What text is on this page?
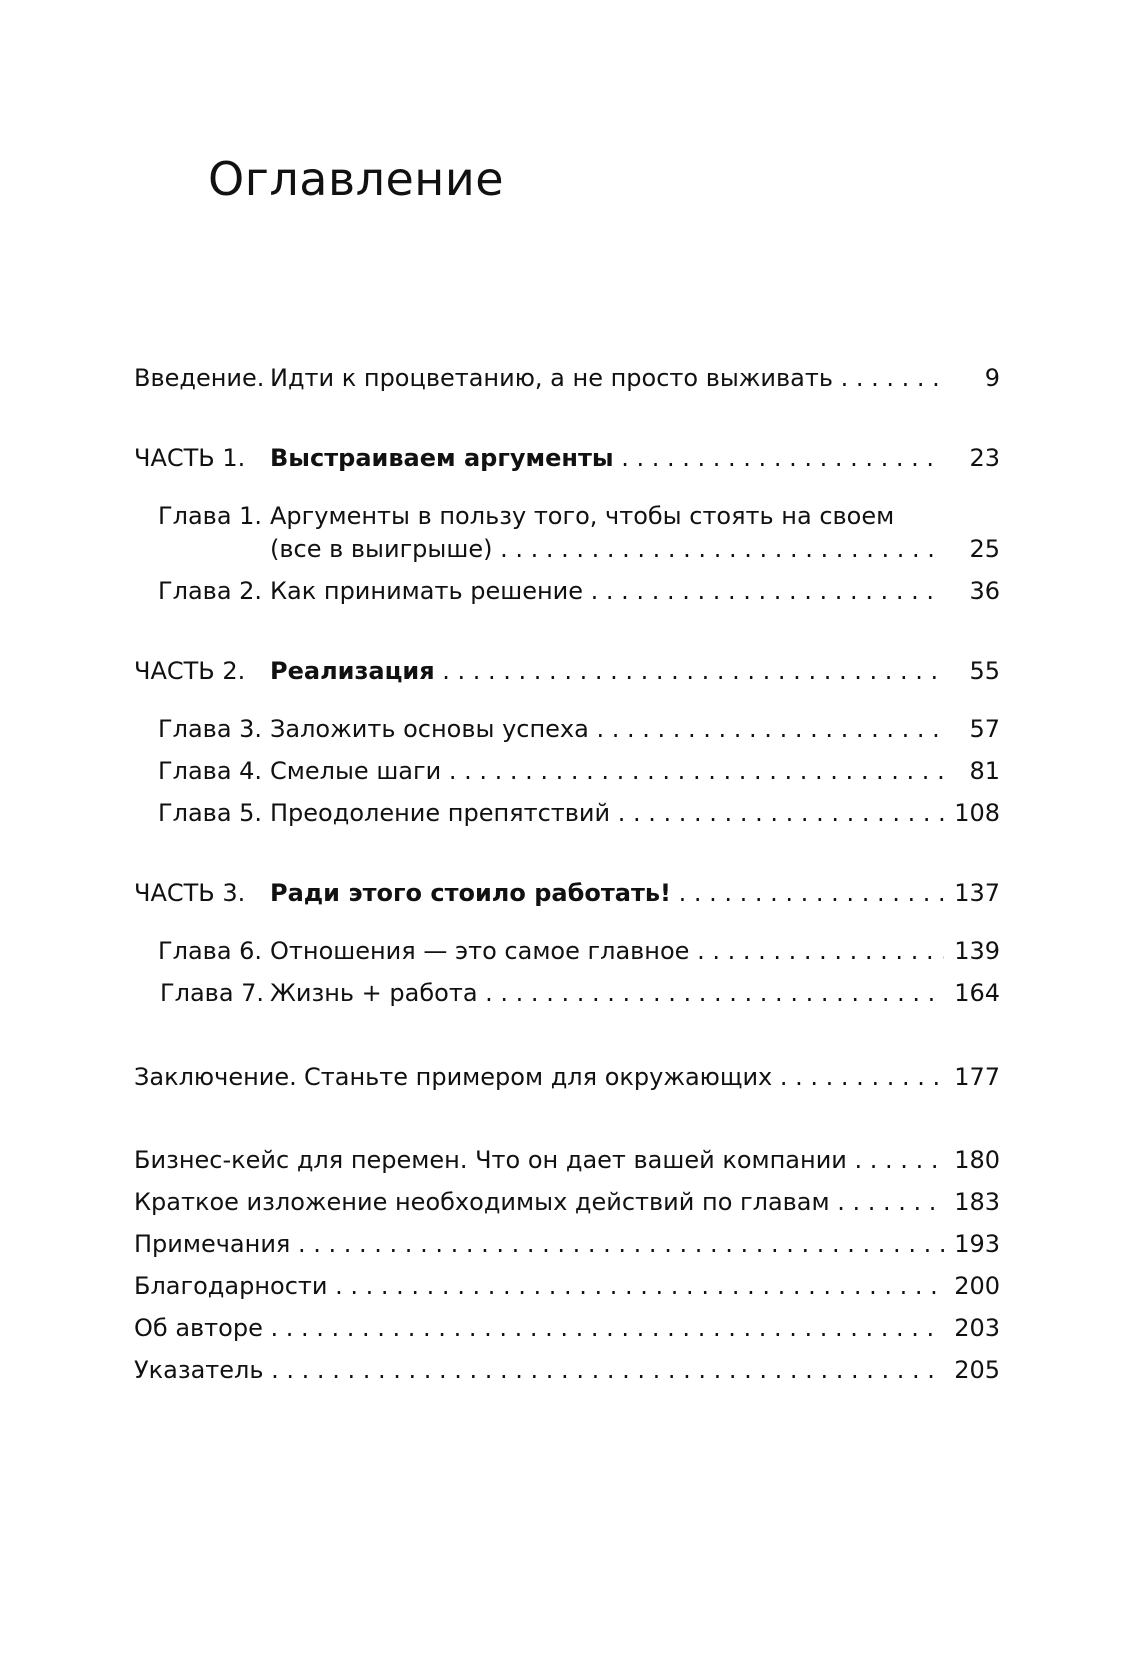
Оглавление
Введение. Идти к процветанию, а не просто выживать . . .	9
ЧАСТЬ 1. Выстраиваем аргументы . . .	23
Глава 1. Аргументы в пользу того, чтобы стоять на своем
(все в выигрыше) . . .	25
Глава 2. Как принимать решение . . .	36
ЧАСТЬ 2. Реализация . . .	55
Глава 3. Заложить основы успеха . . .	57
Глава 4. Смелые шаги . . .	81
Глава 5. Преодоление препятствий . . .	108
ЧАСТЬ 3. Ради этого стоило работать! . . .	137
Глава 6. Отношения — это самое главное . . .	139
Глава 7. Жизнь + работа . . .	164
Заключение. Станьте примером для окружающих . . .	177
Бизнес-кейс для перемен. Что он дает вашей компании . . .	180
Краткое изложение необходимых действий по главам . . .	183
Примечания . . .	193
Благодарности . . .	200
Об авторе . . .	203
Указатель . . .	205
